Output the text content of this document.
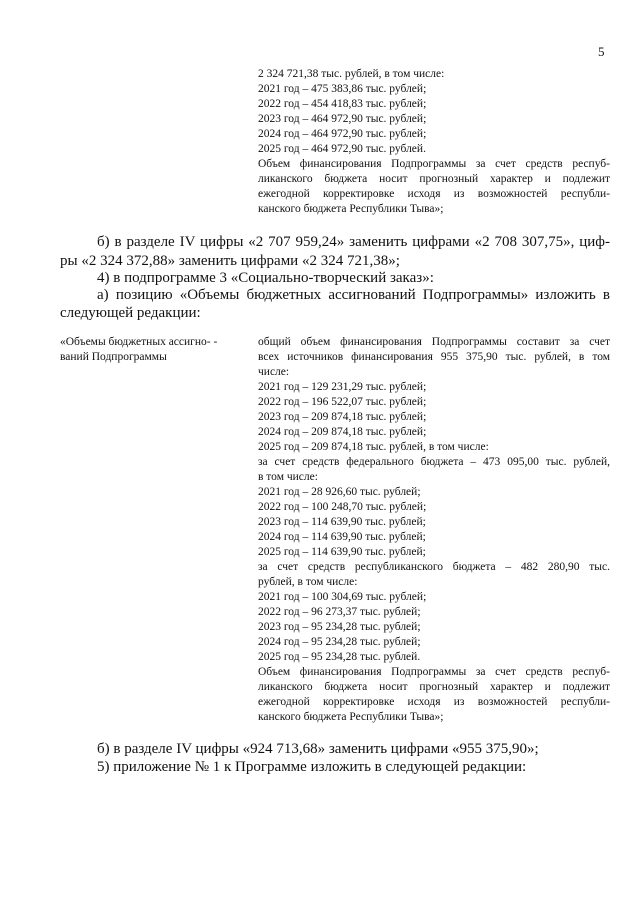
5
2 324 721,38 тыс. рублей, в том числе:
2021 год – 475 383,86 тыс. рублей;
2022 год – 454 418,83 тыс. рублей;
2023 год – 464 972,90 тыс. рублей;
2024 год – 464 972,90 тыс. рублей;
2025 год – 464 972,90 тыс. рублей.
Объем финансирования Подпрограммы за счет средств респуб-
ликанского бюджета носит прогнозный характер и подлежит
ежегодной корректировке исходя из возможностей республи-
канского бюджета Республики Тыва»;
б) в разделе IV цифры «2 707 959,24» заменить цифрами «2 708 307,75», циф-
ры «2 324 372,88» заменить цифрами «2 324 721,38»;
4) в подпрограмме 3 «Социально-творческий заказ»:
а) позицию «Объемы бюджетных ассигнований Подпрограммы» изложить в
следующей редакции:
«Объемы бюджетных ассигно- -
ваний Подпрограммы
общий объем финансирования Подпрограммы составит за счет
всех источников финансирования 955 375,90 тыс. рублей, в том
числе:
2021 год – 129 231,29 тыс. рублей;
2022 год – 196 522,07 тыс. рублей;
2023 год – 209 874,18 тыс. рублей;
2024 год – 209 874,18 тыс. рублей;
2025 год – 209 874,18 тыс. рублей, в том числе:
за счет средств федерального бюджета – 473 095,00 тыс. рублей,
в том числе:
2021 год – 28 926,60 тыс. рублей;
2022 год – 100 248,70 тыс. рублей;
2023 год – 114 639,90 тыс. рублей;
2024 год – 114 639,90 тыс. рублей;
2025 год – 114 639,90 тыс. рублей;
за счет средств республиканского бюджета – 482 280,90 тыс.
рублей, в том числе:
2021 год – 100 304,69 тыс. рублей;
2022 год – 96 273,37 тыс. рублей;
2023 год – 95 234,28 тыс. рублей;
2024 год – 95 234,28 тыс. рублей;
2025 год – 95 234,28 тыс. рублей.
Объем финансирования Подпрограммы за счет средств респуб-
ликанского бюджета носит прогнозный характер и подлежит
ежегодной корректировке исходя из возможностей республи-
канского бюджета Республики Тыва»;
б) в разделе IV цифры «924 713,68» заменить цифрами «955 375,90»;
5) приложение № 1 к Программе изложить в следующей редакции:
